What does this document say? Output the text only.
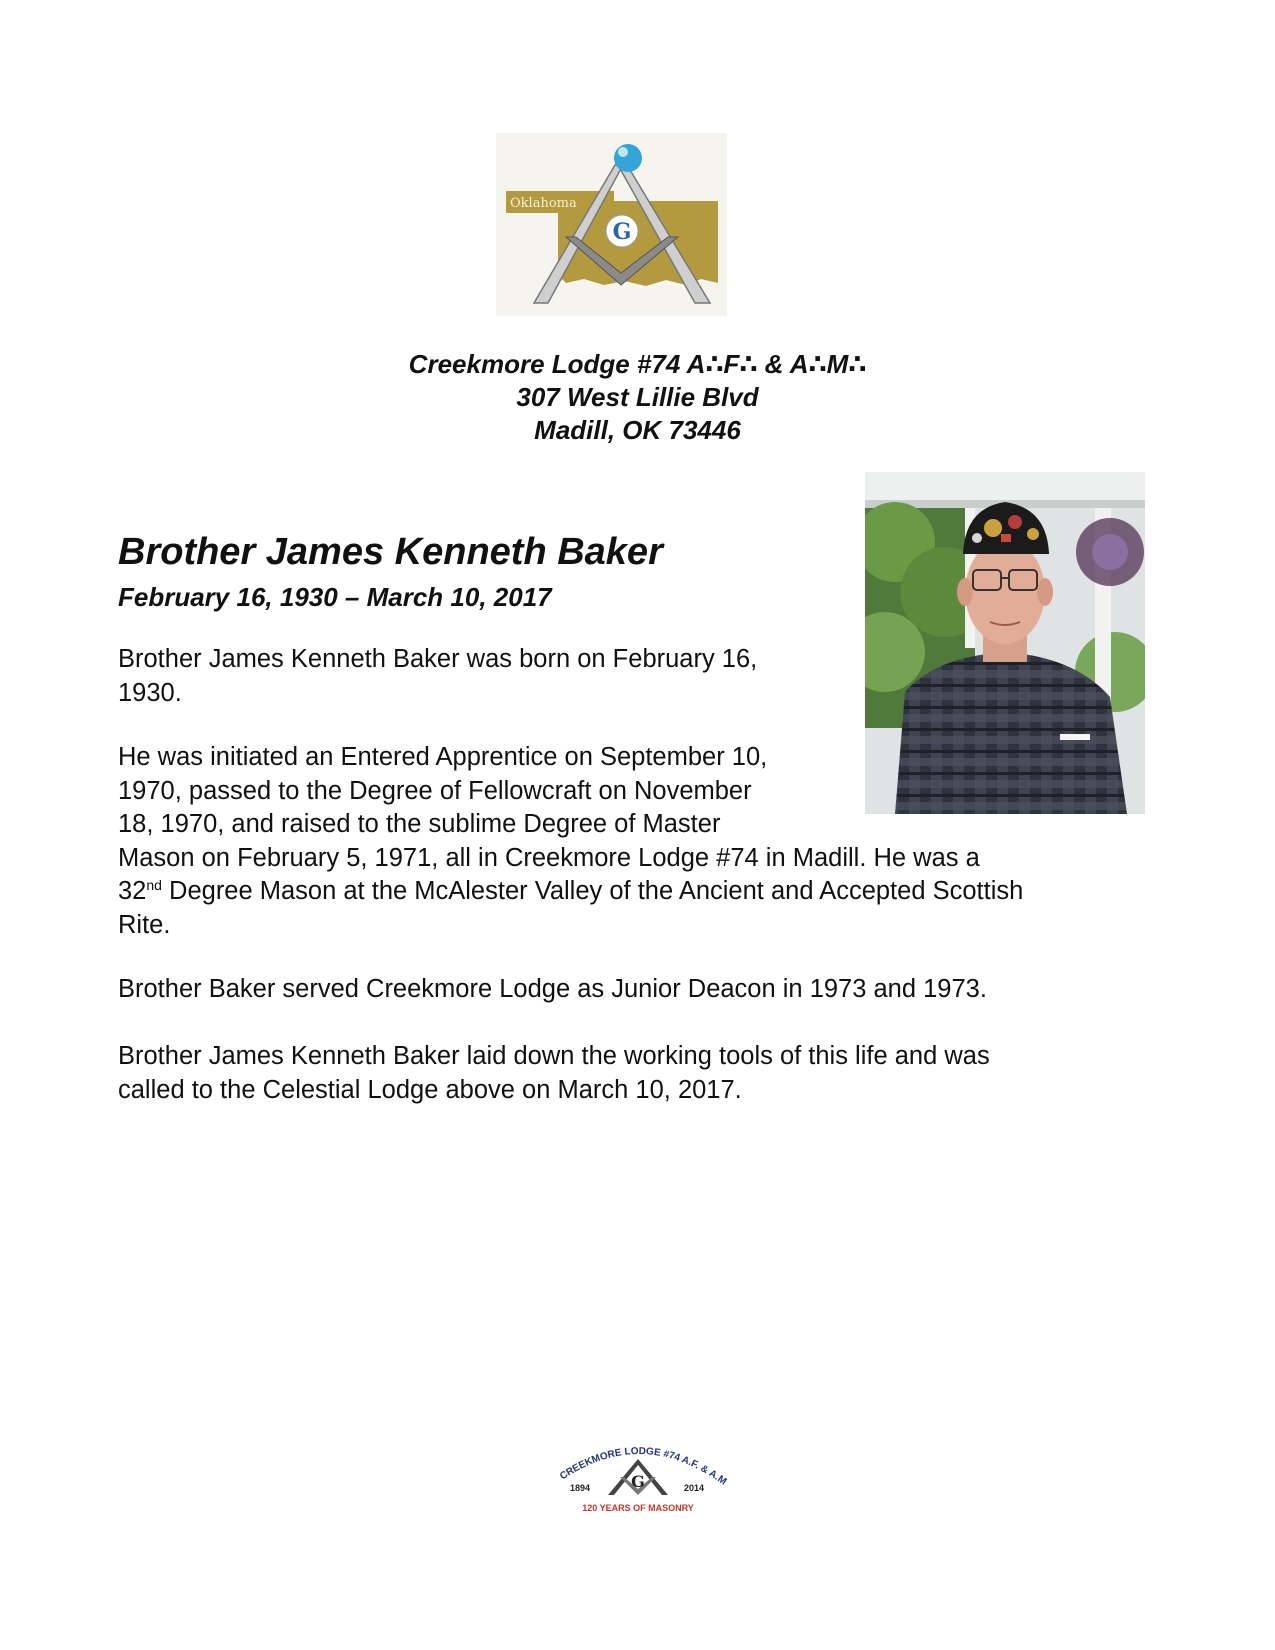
G
Oklahoma
Creekmore Lodge #74 A∴F∴ & A∴M∴
307 West Lillie Blvd
Madill, OK 73446
Brother James Kenneth Baker
February 16, 1930 – March 10, 2017
Brother James Kenneth Baker was born on February 16,
1930.
He was initiated an Entered Apprentice on September 10,
1970, passed to the Degree of Fellowcraft on November
18, 1970, and raised to the sublime Degree of Master
Mason on February 5, 1971, all in Creekmore Lodge #74 in Madill. He was a
32nd Degree Mason at the McAlester Valley of the Ancient and Accepted Scottish
Rite.
Brother Baker served Creekmore Lodge as Junior Deacon in 1973 and 1973.
Brother James Kenneth Baker laid down the working tools of this life and was
called to the Celestial Lodge above on March 10, 2017.
CREEKMORE LODGE #74 A.F. & A.M
G
1894	2014
120 YEARS OF MASONRY
